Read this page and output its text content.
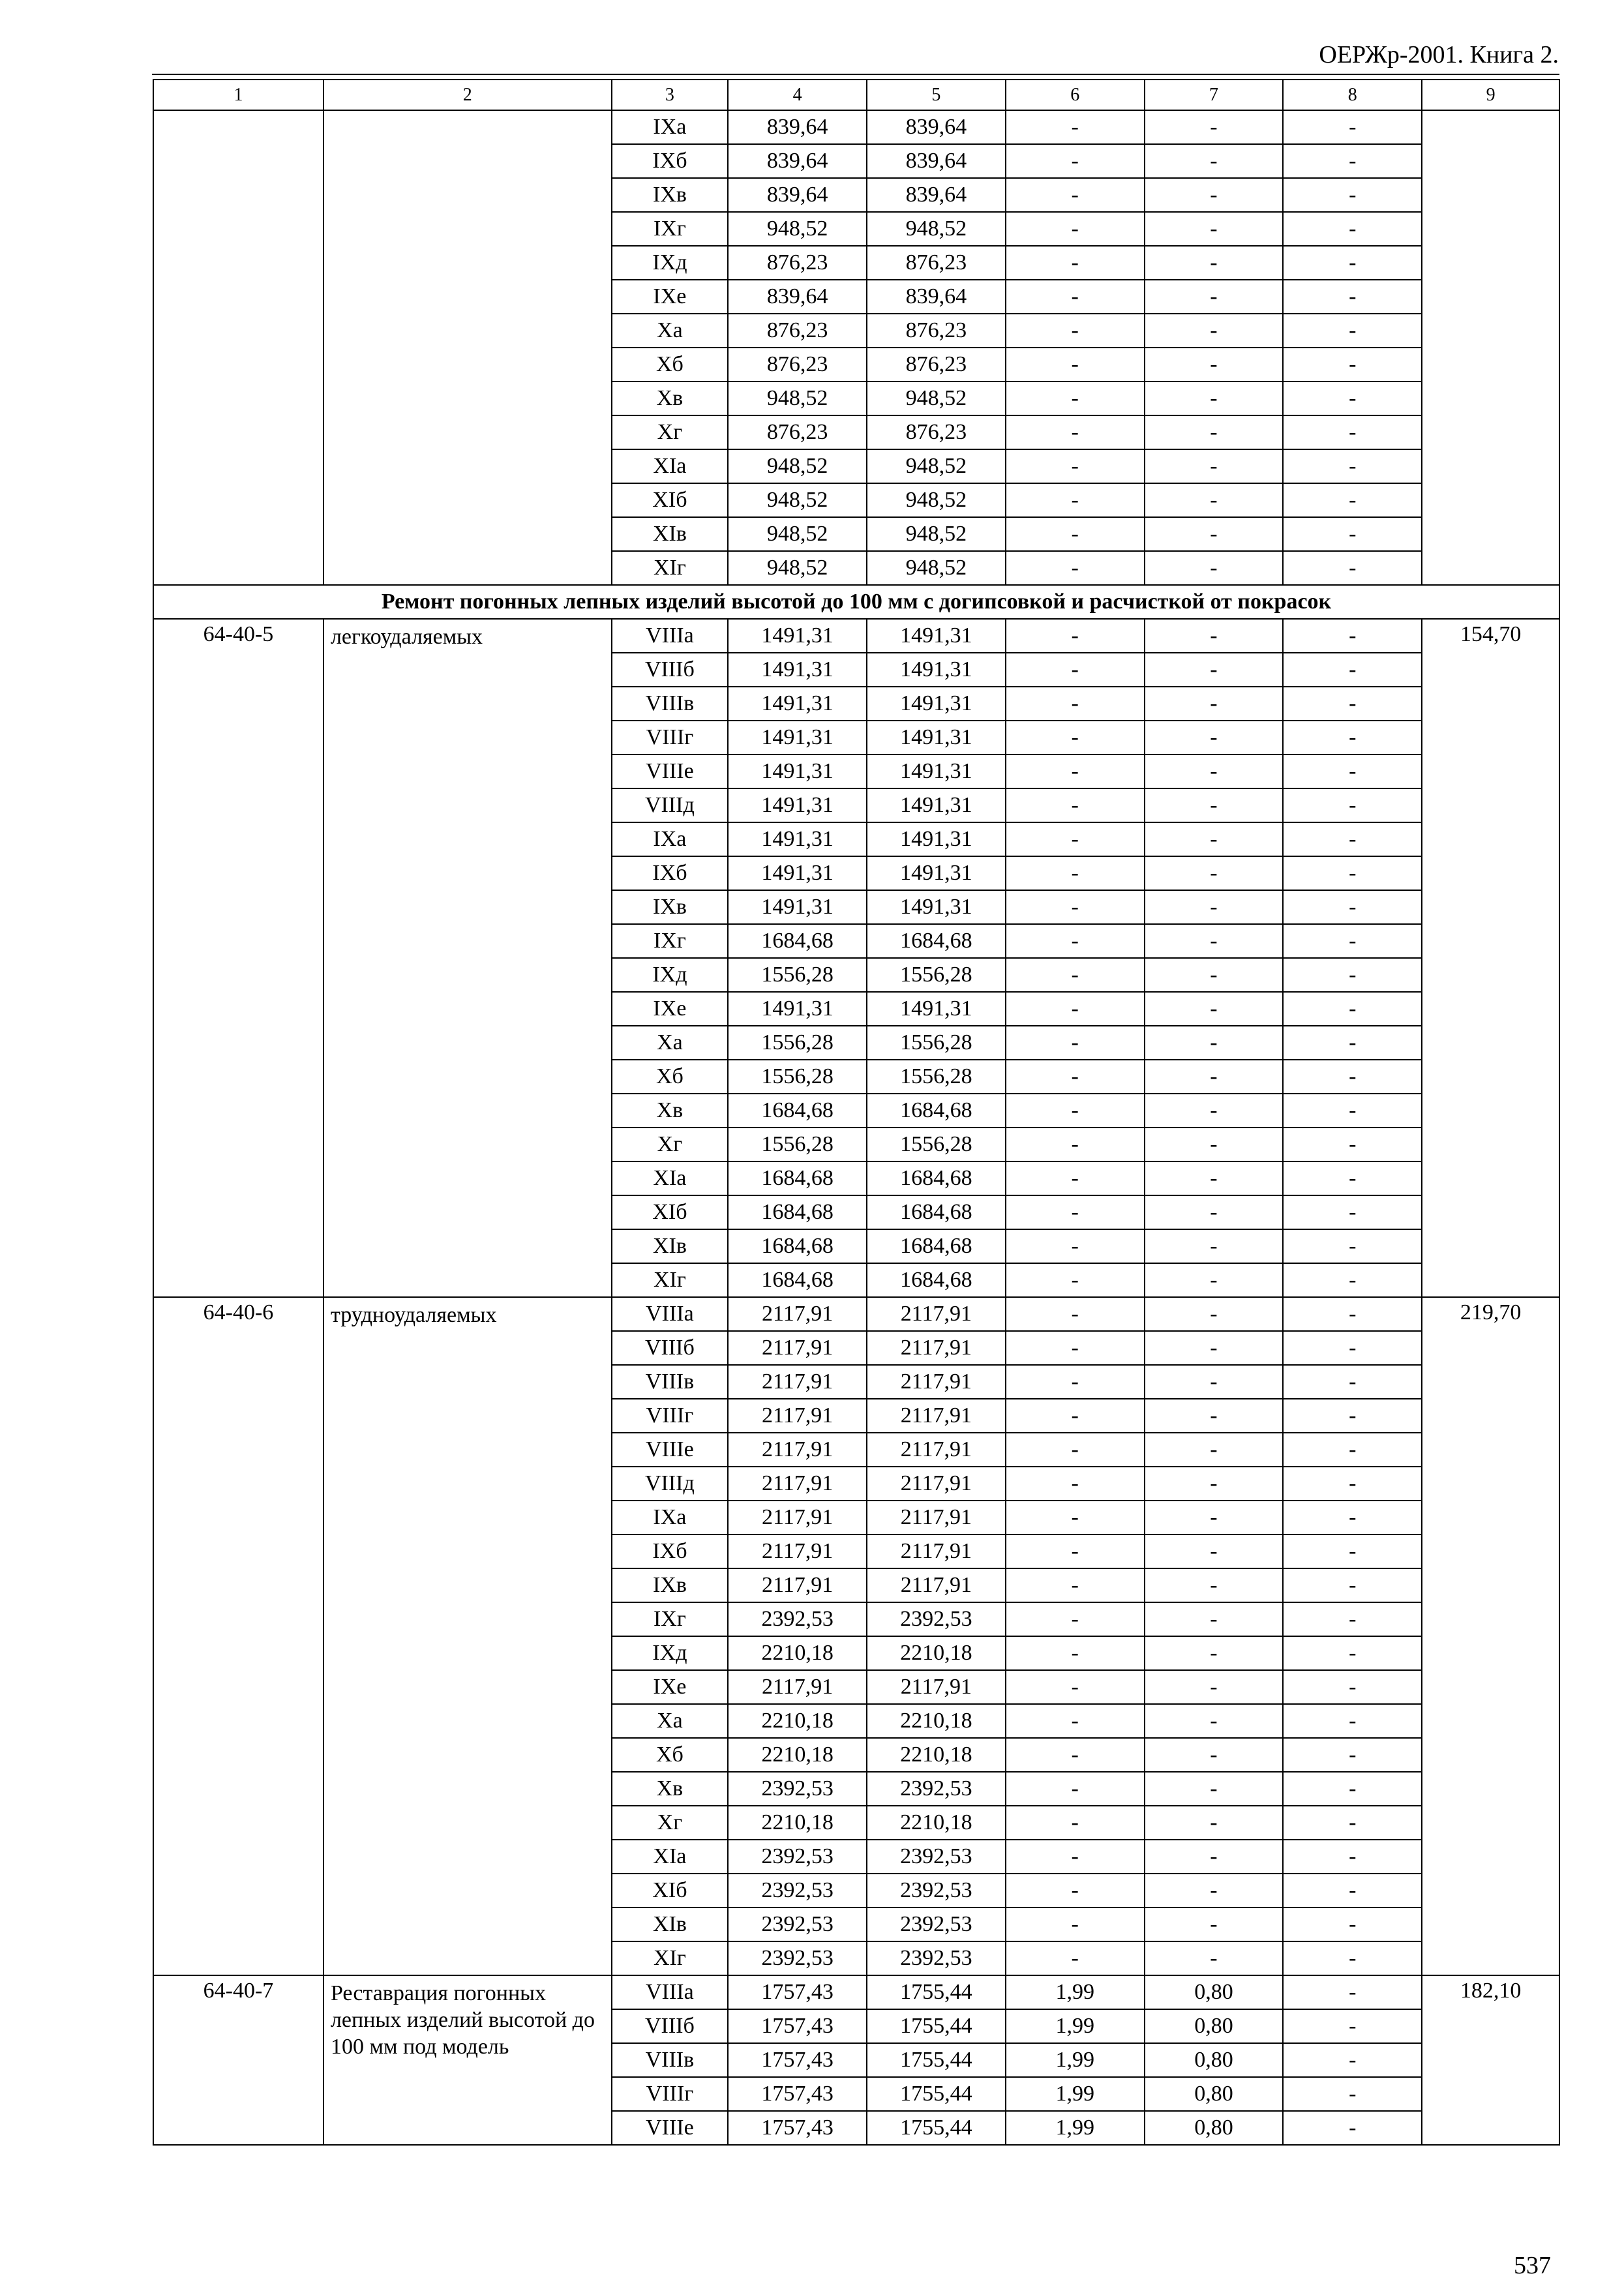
ОЕРЖр-2001. Книга 2.
1	2	3	4	5	6	7	8	9
		IXа	839,64	839,64	-	-	-	
		IXб	839,64	839,64	-	-	-	
		IXв	839,64	839,64	-	-	-	
		IXг	948,52	948,52	-	-	-	
		IXд	876,23	876,23	-	-	-	
		IXе	839,64	839,64	-	-	-	
		Xа	876,23	876,23	-	-	-	
		Xб	876,23	876,23	-	-	-	
		Xв	948,52	948,52	-	-	-	
		Xг	876,23	876,23	-	-	-	
		XIа	948,52	948,52	-	-	-	
		XIб	948,52	948,52	-	-	-	
		XIв	948,52	948,52	-	-	-	
		XIг	948,52	948,52	-	-	-	
Ремонт погонных лепных изделий высотой до 100 мм с догипсовкой и расчисткой от покрасок								
64-40-5	легкоудаляемых	VIIIа	1491,31	1491,31	-	-	-	154,70
		VIIIб	1491,31	1491,31	-	-	-	
		VIIIв	1491,31	1491,31	-	-	-	
		VIIIг	1491,31	1491,31	-	-	-	
		VIIIе	1491,31	1491,31	-	-	-	
		VIIIд	1491,31	1491,31	-	-	-	
		IXа	1491,31	1491,31	-	-	-	
		IXб	1491,31	1491,31	-	-	-	
		IXв	1491,31	1491,31	-	-	-	
		IXг	1684,68	1684,68	-	-	-	
		IXд	1556,28	1556,28	-	-	-	
		IXе	1491,31	1491,31	-	-	-	
		Xа	1556,28	1556,28	-	-	-	
		Xб	1556,28	1556,28	-	-	-	
		Xв	1684,68	1684,68	-	-	-	
		Xг	1556,28	1556,28	-	-	-	
		XIа	1684,68	1684,68	-	-	-	
		XIб	1684,68	1684,68	-	-	-	
		XIв	1684,68	1684,68	-	-	-	
		XIг	1684,68	1684,68	-	-	-	
64-40-6	трудноудаляемых	VIIIа	2117,91	2117,91	-	-	-	219,70
		VIIIб	2117,91	2117,91	-	-	-	
		VIIIв	2117,91	2117,91	-	-	-	
		VIIIг	2117,91	2117,91	-	-	-	
		VIIIе	2117,91	2117,91	-	-	-	
		VIIIд	2117,91	2117,91	-	-	-	
		IXа	2117,91	2117,91	-	-	-	
		IXб	2117,91	2117,91	-	-	-	
		IXв	2117,91	2117,91	-	-	-	
		IXг	2392,53	2392,53	-	-	-	
		IXд	2210,18	2210,18	-	-	-	
		IXе	2117,91	2117,91	-	-	-	
		Xа	2210,18	2210,18	-	-	-	
		Xб	2210,18	2210,18	-	-	-	
		Xв	2392,53	2392,53	-	-	-	
		Xг	2210,18	2210,18	-	-	-	
		XIа	2392,53	2392,53	-	-	-	
		XIб	2392,53	2392,53	-	-	-	
		XIв	2392,53	2392,53	-	-	-	
		XIг	2392,53	2392,53	-	-	-	
64-40-7	Реставрация погонных лепных изделий высотой до 100 мм под модель	VIIIа	1757,43	1755,44	1,99	0,80	-	182,10
		VIIIб	1757,43	1755,44	1,99	0,80	-	
		VIIIв	1757,43	1755,44	1,99	0,80	-	
		VIIIг	1757,43	1755,44	1,99	0,80	-	
		VIIIе	1757,43	1755,44	1,99	0,80	-	
537
